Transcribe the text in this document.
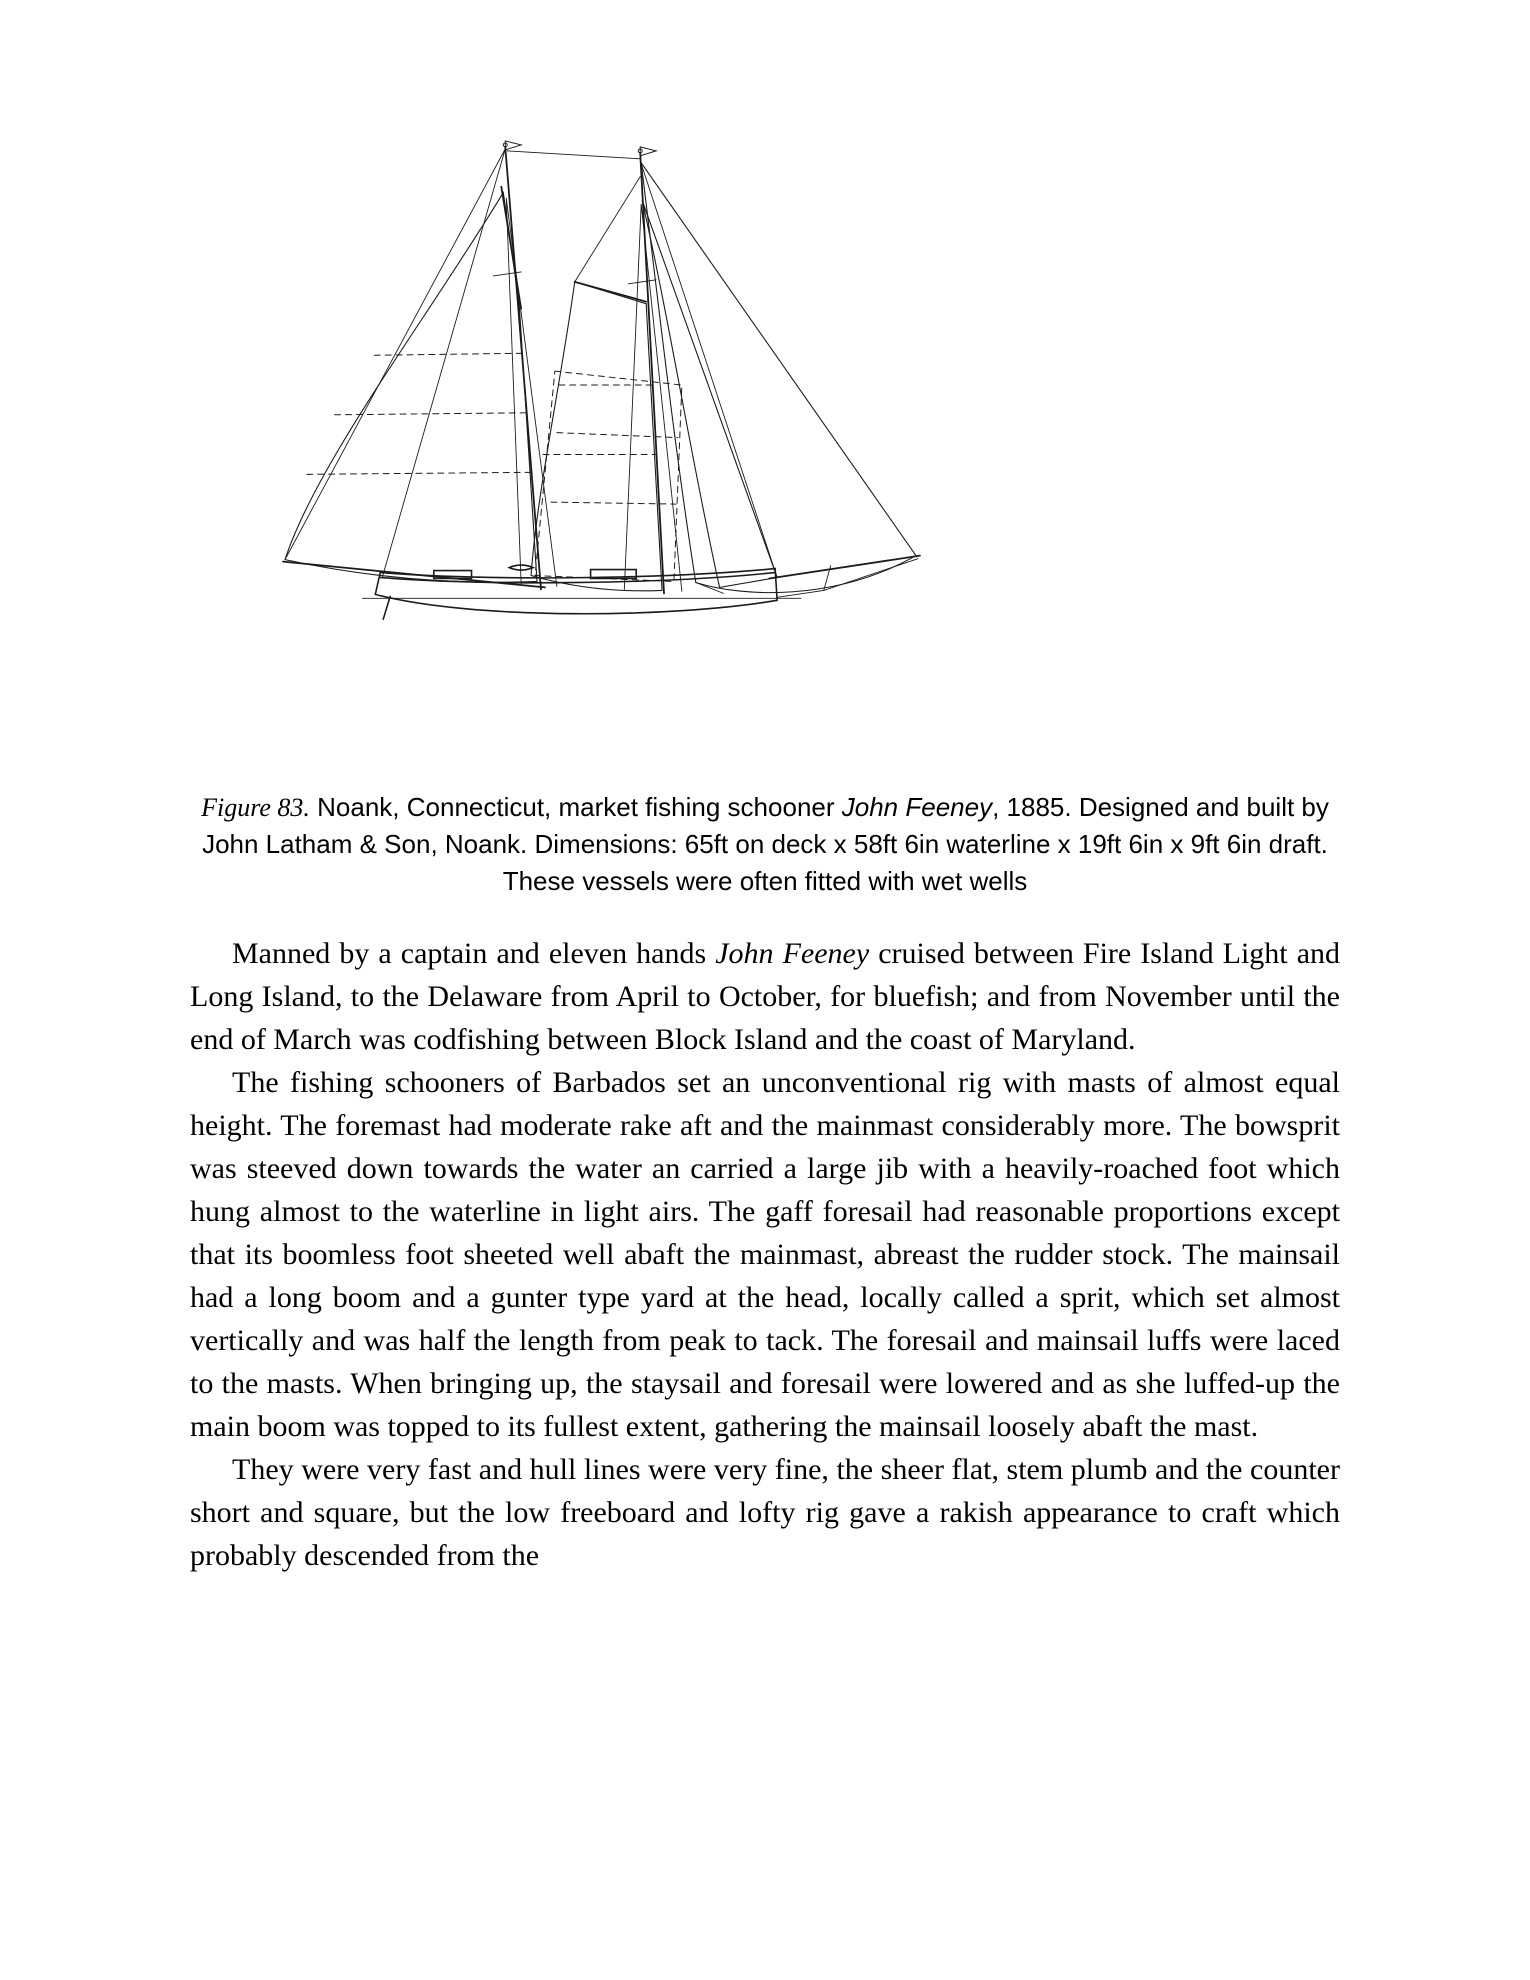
Figure 83. Noank, Connecticut, market fishing schooner John Feeney, 1885. Designed and built by John Latham & Son, Noank. Dimensions: 65ft on deck x 58ft 6in waterline x 19ft 6in x 9ft 6in draft. These vessels were often fitted with wet wells

Manned by a captain and eleven hands John Feeney cruised between Fire Island Light and Long Island, to the Delaware from April to October, for bluefish; and from November until the end of March was codfishing between Block Island and the coast of Maryland.

The fishing schooners of Barbados set an unconventional rig with masts of almost equal height. The foremast had moderate rake aft and the mainmast considerably more. The bowsprit was steeved down towards the water an carried a large jib with a heavily-roached foot which hung almost to the waterline in light airs. The gaff foresail had reasonable proportions except that its boomless foot sheeted well abaft the mainmast, abreast the rudder stock. The mainsail had a long boom and a gunter type yard at the head, locally called a sprit, which set almost vertically and was half the length from peak to tack. The foresail and mainsail luffs were laced to the masts. When bringing up, the staysail and foresail were lowered and as she luffed-up the main boom was topped to its fullest extent, gathering the mainsail loosely abaft the mast.

They were very fast and hull lines were very fine, the sheer flat, stem plumb and the counter short and square, but the low freeboard and lofty rig gave a rakish appearance to craft which probably descended from the
